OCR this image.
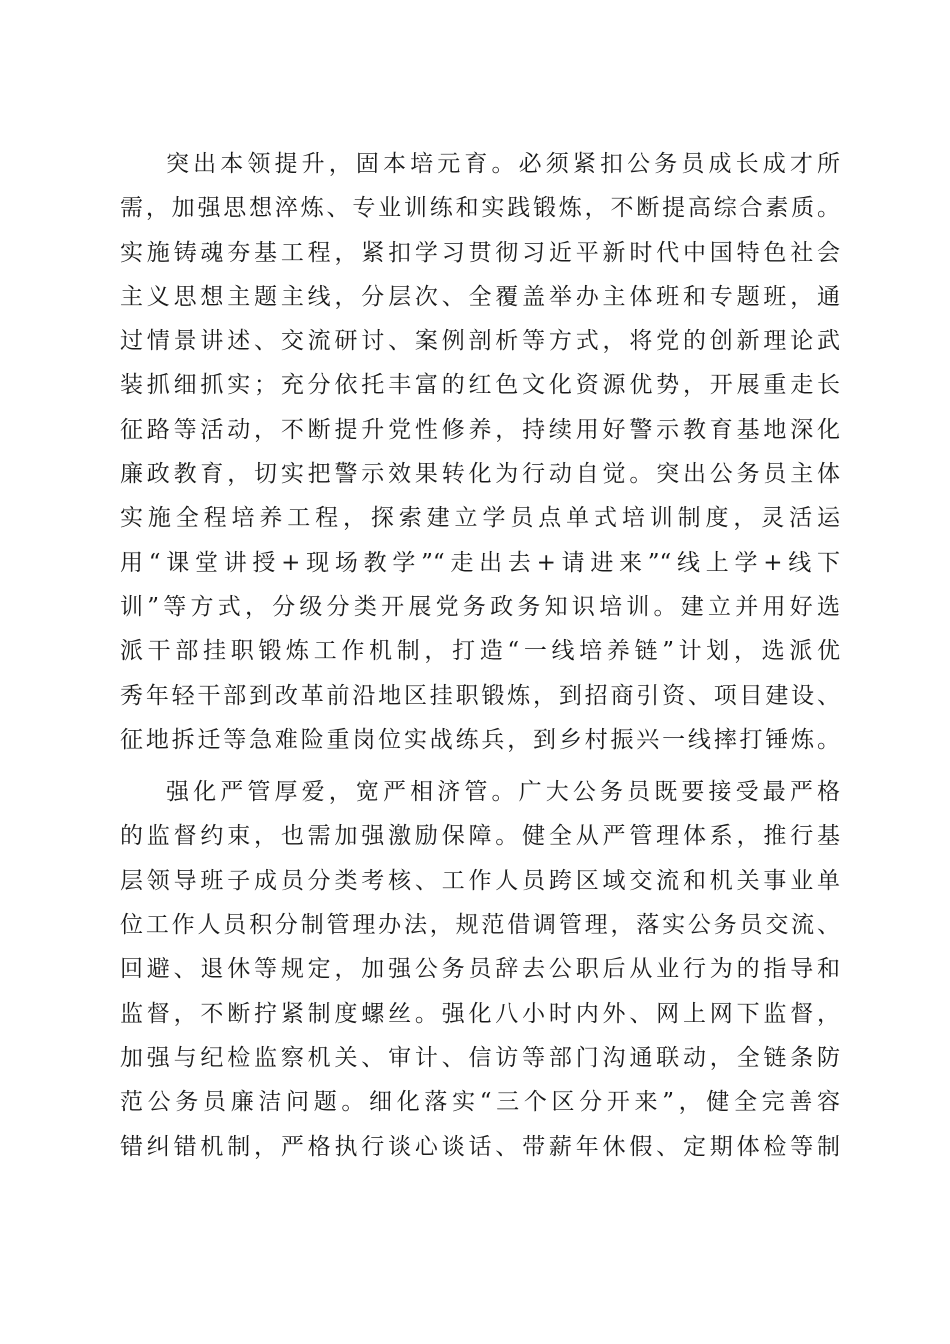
突出本领提升，固本培元育。必须紧扣公务员成长成才所
需，加强思想淬炼、专业训练和实践锻炼，不断提高综合素质。
实施铸魂夯基工程，紧扣学习贯彻习近平新时代中国特色社会
主义思想主题主线，分层次、全覆盖举办主体班和专题班，通
过情景讲述、交流研讨、案例剖析等方式，将党的创新理论武
装抓细抓实；充分依托丰富的红色文化资源优势，开展重走长
征路等活动，不断提升党性修养，持续用好警示教育基地深化
廉政教育，切实把警示效果转化为行动自觉。突出公务员主体
实施全程培养工程，探索建立学员点单式培训制度，灵活运
用“课堂讲授+现场教学”“走出去+请进来”“线上学+线下
训”等方式，分级分类开展党务政务知识培训。建立并用好选
派干部挂职锻炼工作机制，打造“一线培养链”计划，选派优
秀年轻干部到改革前沿地区挂职锻炼，到招商引资、项目建设、
征地拆迁等急难险重岗位实战练兵，到乡村振兴一线摔打锤炼。
强化严管厚爱，宽严相济管。广大公务员既要接受最严格
的监督约束，也需加强激励保障。健全从严管理体系，推行基
层领导班子成员分类考核、工作人员跨区域交流和机关事业单
位工作人员积分制管理办法，规范借调管理，落实公务员交流、
回避、退休等规定，加强公务员辞去公职后从业行为的指导和
监督，不断拧紧制度螺丝。强化八小时内外、网上网下监督，
加强与纪检监察机关、审计、信访等部门沟通联动，全链条防
范公务员廉洁问题。细化落实“三个区分开来”，健全完善容
错纠错机制，严格执行谈心谈话、带薪年休假、定期体检等制
